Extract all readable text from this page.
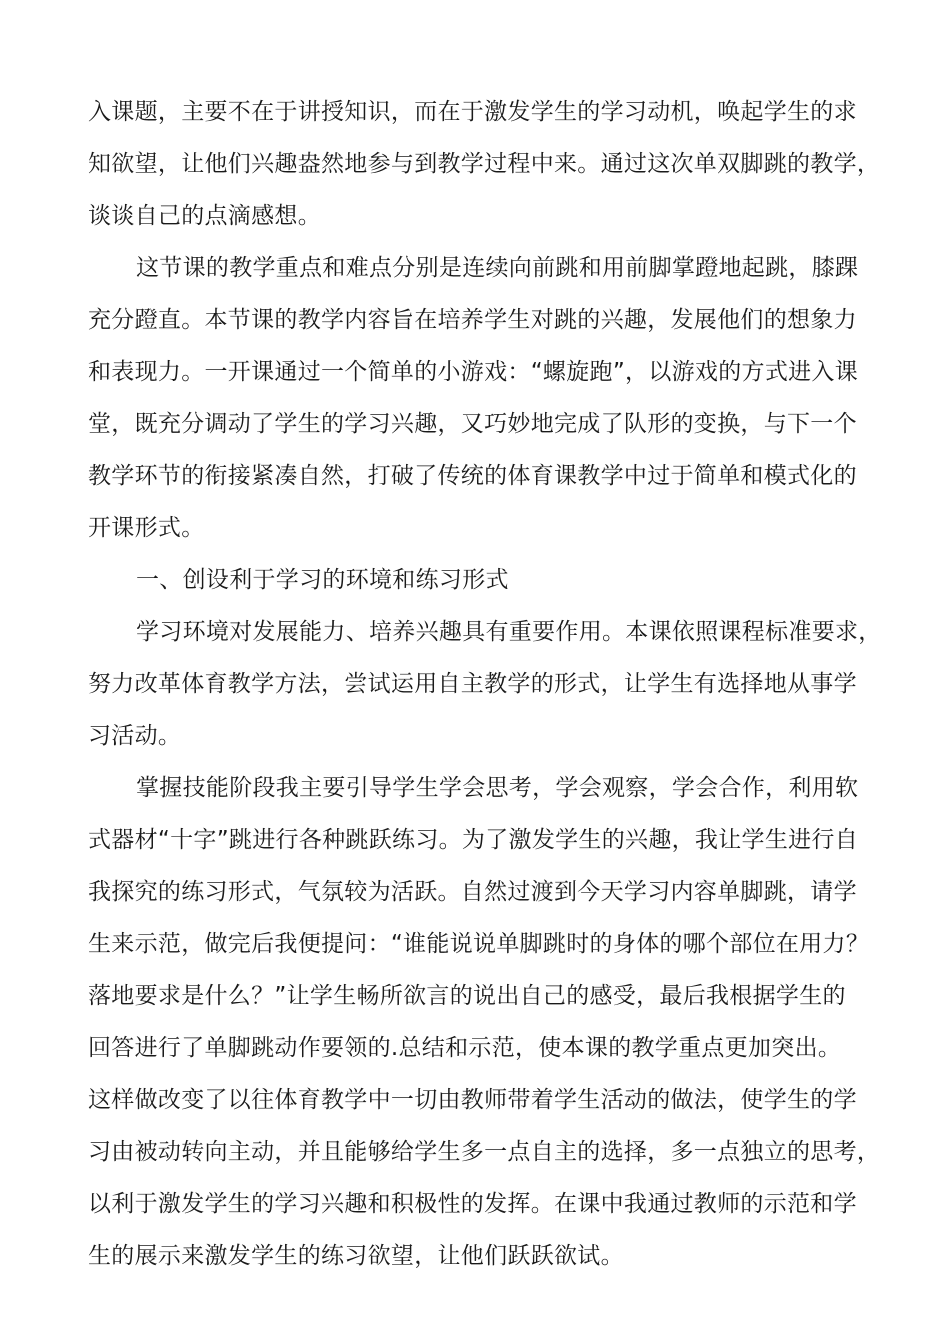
入课题，主要不在于讲授知识，而在于激发学生的学习动机，唤起学生的求
知欲望，让他们兴趣盎然地参与到教学过程中来。通过这次单双脚跳的教学，
谈谈自己的点滴感想。
这节课的教学重点和难点分别是连续向前跳和用前脚掌蹬地起跳，膝踝
充分蹬直。本节课的教学内容旨在培养学生对跳的兴趣，发展他们的想象力
和表现力。一开课通过一个简单的小游戏：“螺旋跑”，以游戏的方式进入课
堂，既充分调动了学生的学习兴趣，又巧妙地完成了队形的变换，与下一个
教学环节的衔接紧凑自然，打破了传统的体育课教学中过于简单和模式化的
开课形式。
一、创设利于学习的环境和练习形式
学习环境对发展能力、培养兴趣具有重要作用。本课依照课程标准要求，
努力改革体育教学方法，尝试运用自主教学的形式，让学生有选择地从事学
习活动。
掌握技能阶段我主要引导学生学会思考，学会观察，学会合作，利用软
式器材“十字”跳进行各种跳跃练习。为了激发学生的兴趣，我让学生进行自
我探究的练习形式，气氛较为活跃。自然过渡到今天学习内容单脚跳，请学
生来示范，做完后我便提问：“谁能说说单脚跳时的身体的哪个部位在用力？
落地要求是什么？”让学生畅所欲言的说出自己的感受，最后我根据学生的
回答进行了单脚跳动作要领的.总结和示范，使本课的教学重点更加突出。
这样做改变了以往体育教学中一切由教师带着学生活动的做法，使学生的学
习由被动转向主动，并且能够给学生多一点自主的选择，多一点独立的思考，
以利于激发学生的学习兴趣和积极性的发挥。在课中我通过教师的示范和学
生的展示来激发学生的练习欲望，让他们跃跃欲试。
